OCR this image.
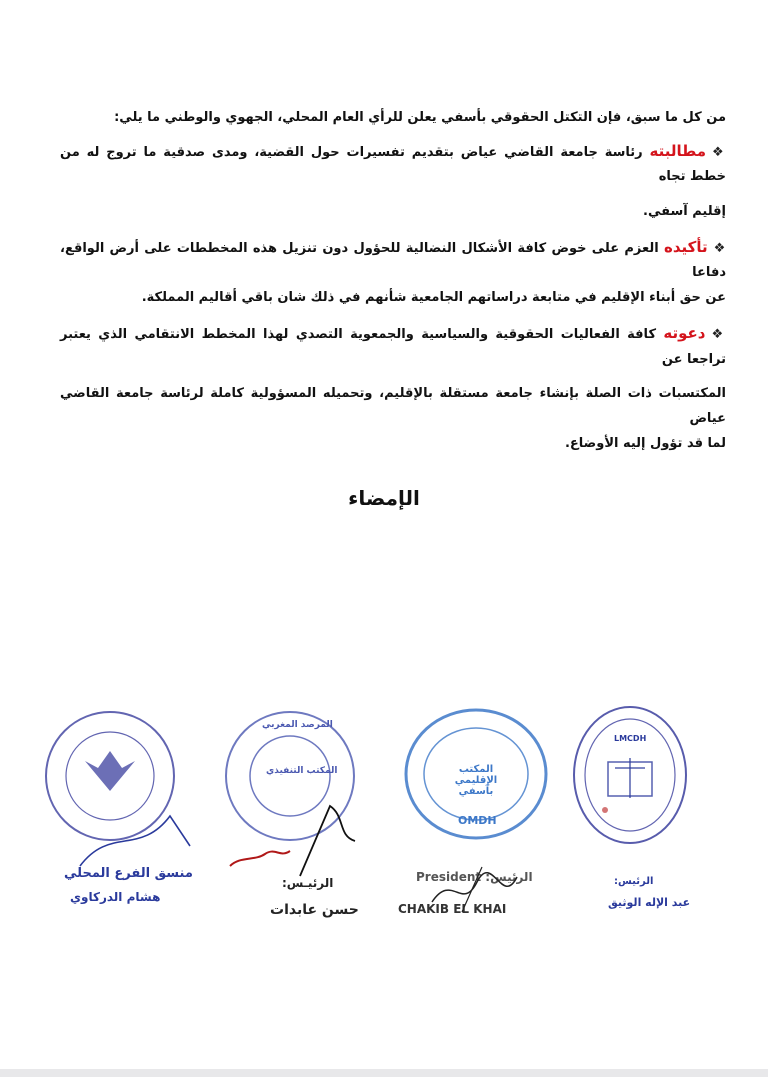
من كل ما سبق، فإن التكتل الحقوقي بأسفي يعلن للرأي العام المحلي، الجهوي والوطني ما يلي:

❖مطالبته رئاسة جامعة القاضي عياض بتقديم تفسيرات حول القضية، ومدى صدقية ما تروج له من خطط تجاه

إقليم آسفي.

❖تأكيده العزم على خوض كافة الأشكال النضالية للحؤول دون تنزيل هذه المخططات على أرض الواقع، دفاعا

عن حق أبناء الإقليم في متابعة دراساتهم الجامعية شأنهم في ذلك شان باقي أقاليم المملكة.

❖دعوته كافة الفعاليات الحقوقية والسياسية والجمعوية التصدي لهذا المخطط الانتقامي الذي يعتبر تراجعا عن

المكتسبات ذات الصلة بإنشاء جامعة مستقلة بالإقليم، وتحميله المسؤولية كاملة لرئاسة جامعة القاضي عياض

لما قد تؤول إليه الأوضاع.

الإمضاء
LMCDH
الرئيس:
عبد الإله الوثيق
المكتب الإقليمي بآسفي
OMDH
الرئيس: President
CHAKIB EL KHAI
المرصد المغربي
المكتب التنفيذي
الرئيـس:
حسن عابدات
منسق الفرع المحلي
هشام الدركاوي
